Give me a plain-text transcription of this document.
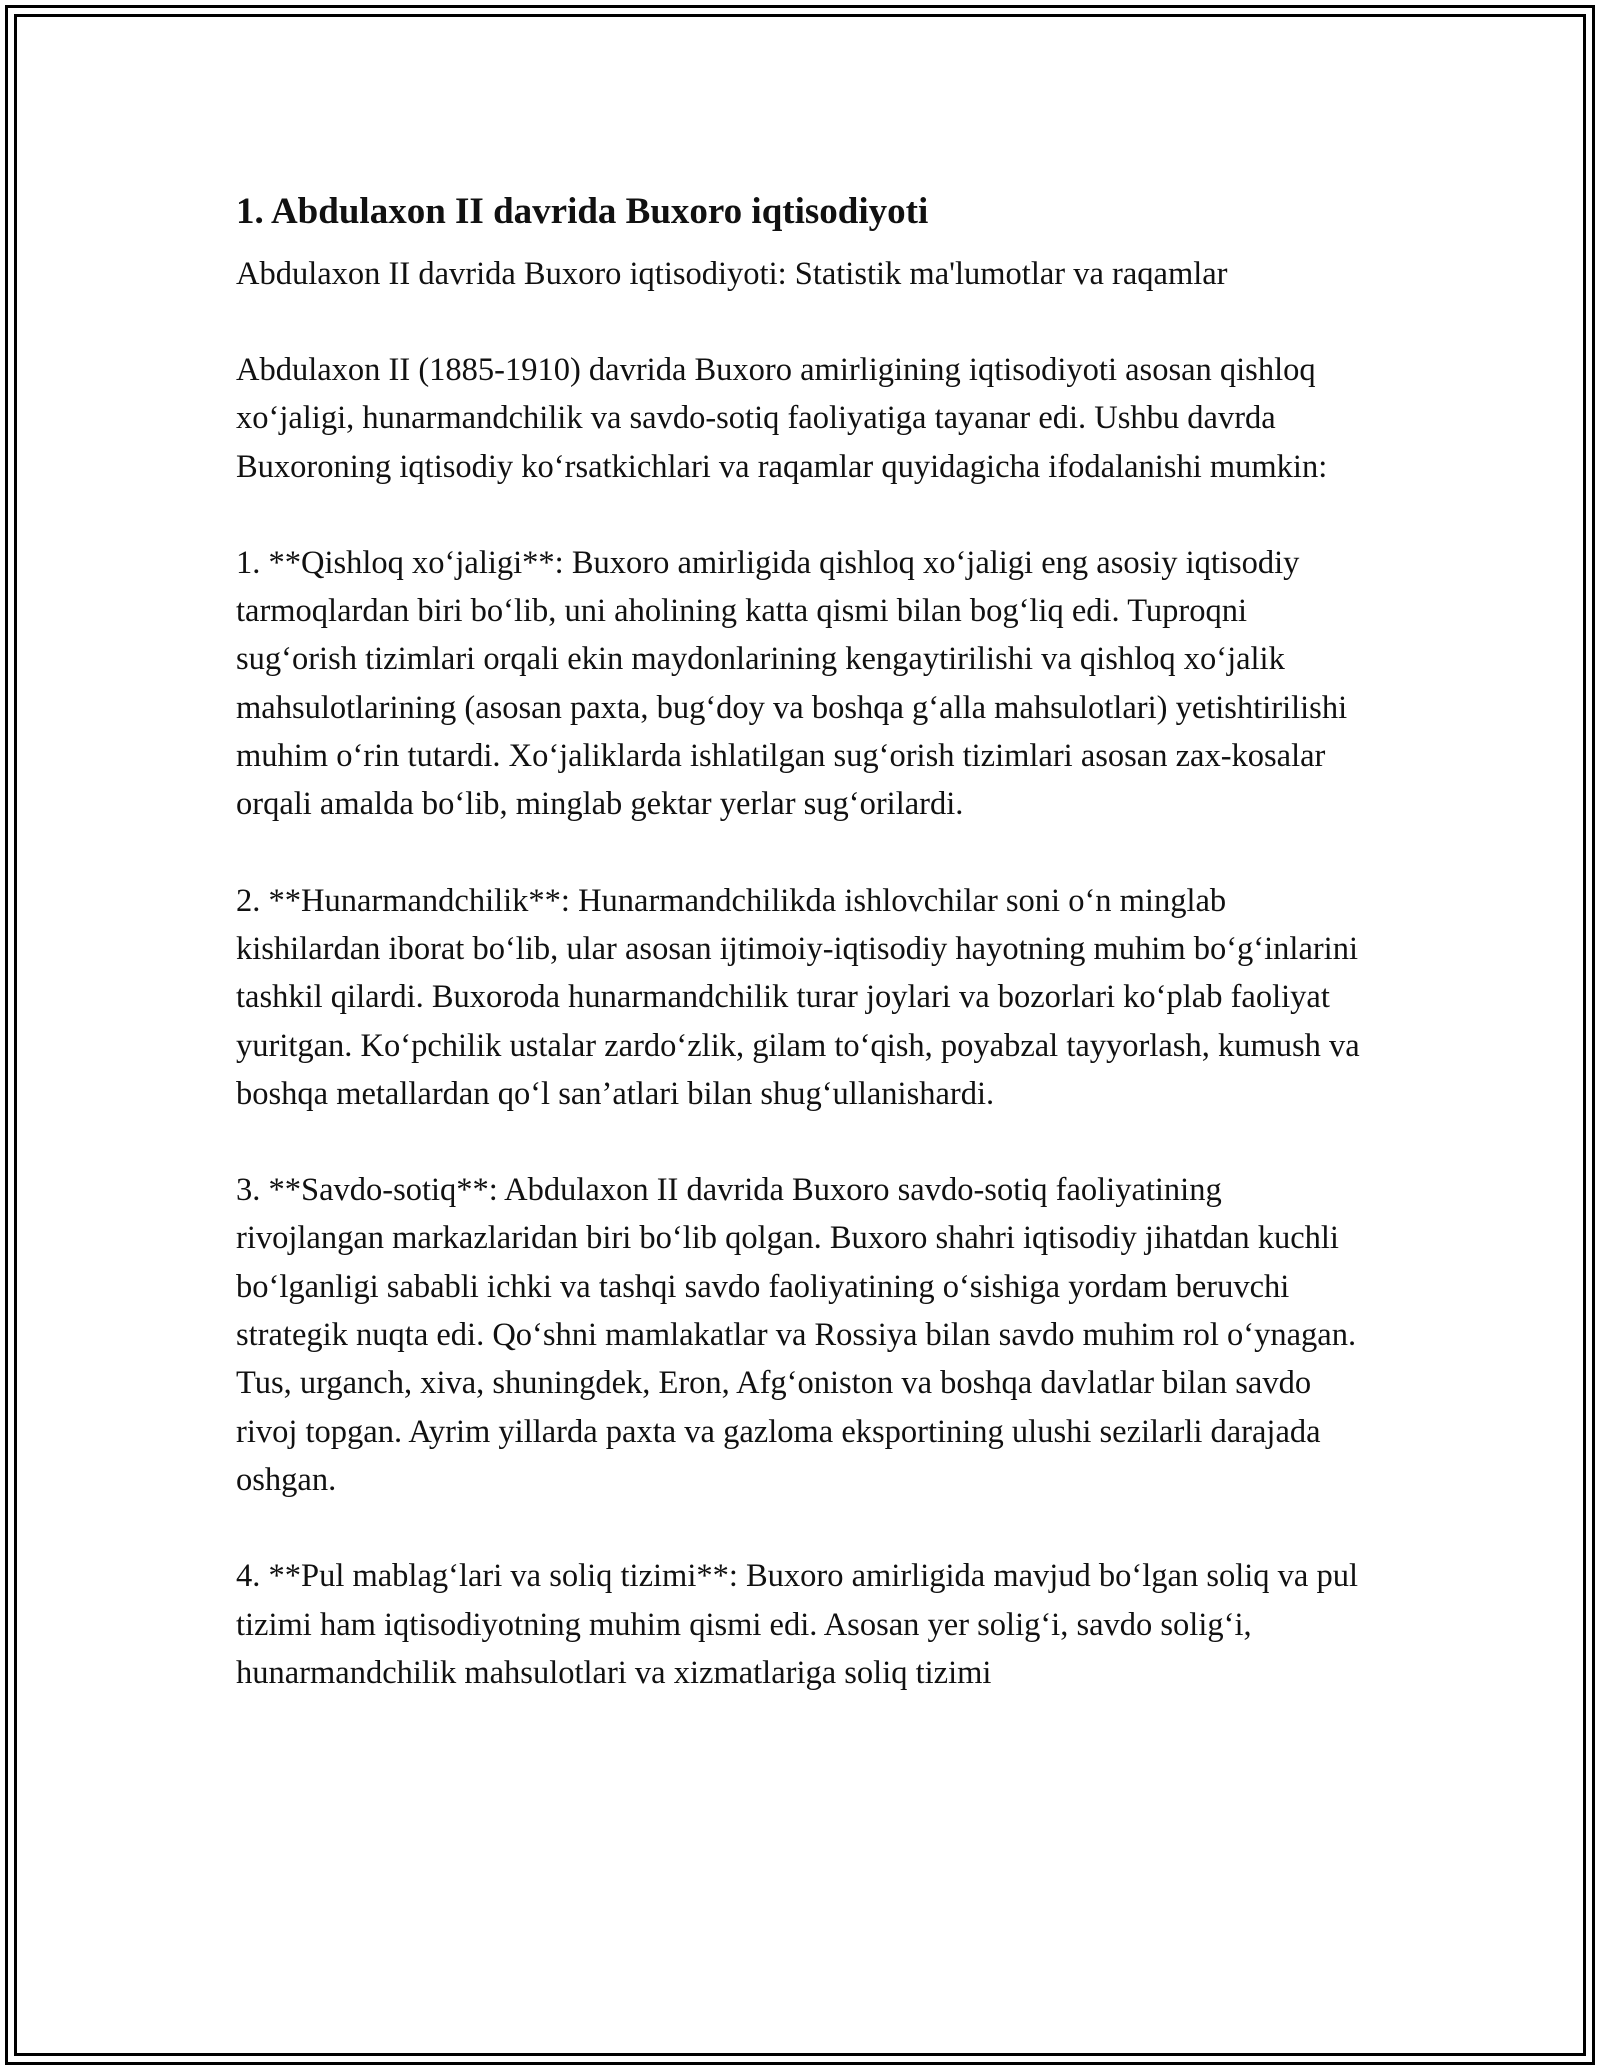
1. Abdulaxon II davrida Buxoro iqtisodiyoti

Abdulaxon II davrida Buxoro iqtisodiyoti: Statistik ma'lumotlar va raqamlar

Abdulaxon II (1885-1910) davrida Buxoro amirligining iqtisodiyoti asosan qishloq xo‘jaligi, hunarmandchilik va savdo-sotiq faoliyatiga tayanar edi. Ushbu davrda Buxoroning iqtisodiy ko‘rsatkichlari va raqamlar quyidagicha ifodalanishi mumkin:

1. **Qishloq xo‘jaligi**: Buxoro amirligida qishloq xo‘jaligi eng asosiy iqtisodiy tarmoqlardan biri bo‘lib, uni aholining katta qismi bilan bog‘liq edi. Tuproqni sug‘orish tizimlari orqali ekin maydonlarining kengaytirilishi va qishloq xo‘jalik mahsulotlarining (asosan paxta, bug‘doy va boshqa g‘alla mahsulotlari) yetishtirilishi muhim o‘rin tutardi. Xo‘jaliklarda ishlatilgan sug‘orish tizimlari asosan zax-kosalar orqali amalda bo‘lib, minglab gektar yerlar sug‘orilardi.

2. **Hunarmandchilik**: Hunarmandchilikda ishlovchilar soni o‘n minglab kishilardan iborat bo‘lib, ular asosan ijtimoiy-iqtisodiy hayotning muhim bo‘g‘inlarini tashkil qilardi. Buxoroda hunarmandchilik turar joylari va bozorlari ko‘plab faoliyat yuritgan. Ko‘pchilik ustalar zardo‘zlik, gilam to‘qish, poyabzal tayyorlash, kumush va boshqa metallardan qo‘l san’atlari bilan shug‘ullanishardi.

3. **Savdo-sotiq**: Abdulaxon II davrida Buxoro savdo-sotiq faoliyatining rivojlangan markazlaridan biri bo‘lib qolgan. Buxoro shahri iqtisodiy jihatdan kuchli bo‘lganligi sababli ichki va tashqi savdo faoliyatining o‘sishiga yordam beruvchi strategik nuqta edi. Qo‘shni mamlakatlar va Rossiya bilan savdo muhim rol o‘ynagan. Tus, urganch, xiva, shuningdek, Eron, Afg‘oniston va boshqa davlatlar bilan savdo rivoj topgan. Ayrim yillarda paxta va gazloma eksportining ulushi sezilarli darajada oshgan.

4. **Pul mablag‘lari va soliq tizimi**: Buxoro amirligida mavjud bo‘lgan soliq va pul tizimi ham iqtisodiyotning muhim qismi edi. Asosan yer solig‘i, savdo solig‘i, hunarmandchilik mahsulotlari va xizmatlariga soliq tizimi
